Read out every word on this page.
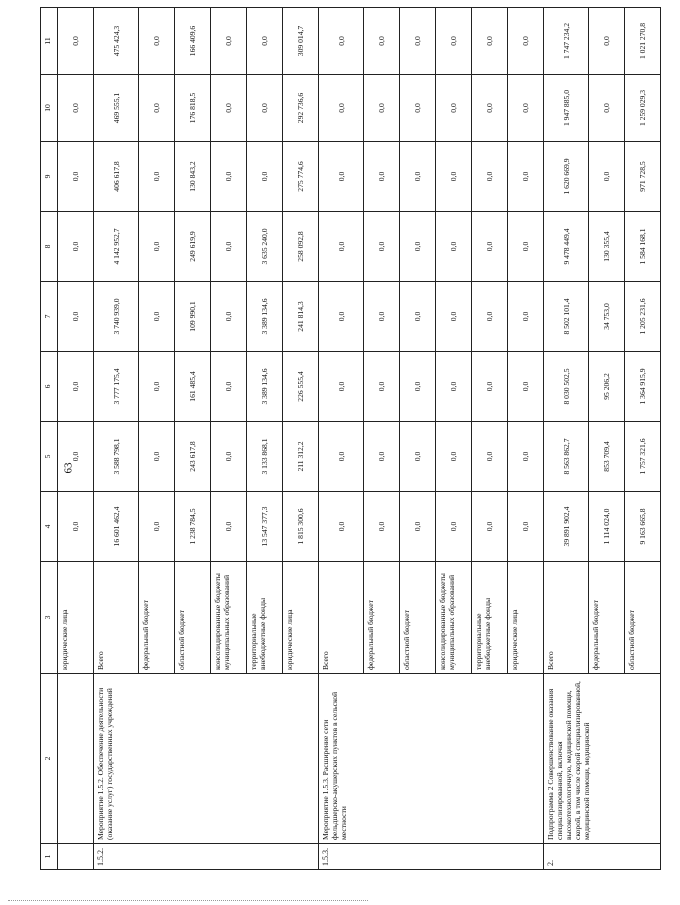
63
1	2	3	4	5	6	7	8	9	10	11
		юридические лица	0,0	0,0	0,0	0,0	0,0	0,0	0,0	0,0
1.5.2.	Мероприятие 1.5.2. Обеспечение деятельности (оказание услуг) государственных учреждений	Всего	16 601 462,4	3 588 798,1	3 777 175,4	3 740 939,0	4 142 952,7	406 617,8	469 555,1	475 424,3
		федеральный бюджет	0,0	0,0	0,0	0,0	0,0	0,0	0,0	0,0
		областной бюджет	1 238 784,5	243 617,8	161 485,4	109 990,1	249 619,9	130 843,2	176 818,5	166 409,6
		консолидированные бюджеты муниципальных образований	0,0	0,0	0,0	0,0	0,0	0,0	0,0	0,0
		территориальные внебюджетные фонды	13 547 377,3	3 133 868,1	3 389 134,6	3 389 134,6	3 635 240,0	0,0	0,0	0,0
		юридические лица	1 815 300,6	211 312,2	226 555,4	241 814,3	258 092,8	275 774,6	292 736,6	309 014,7
1.5.3.	Мероприятие 1.5.3. Расширение сети фельдшерско-акушерских пунктов в сельской местности	Всего	0,0	0,0	0,0	0,0	0,0	0,0	0,0	0,0
		федеральный бюджет	0,0	0,0	0,0	0,0	0,0	0,0	0,0	0,0
		областной бюджет	0,0	0,0	0,0	0,0	0,0	0,0	0,0	0,0
		консолидированные бюджеты муниципальных образований	0,0	0,0	0,0	0,0	0,0	0,0	0,0	0,0
		территориальные внебюджетные фонды	0,0	0,0	0,0	0,0	0,0	0,0	0,0	0,0
		юридические лица	0,0	0,0	0,0	0,0	0,0	0,0	0,0	0,0
2.	Подпрограмма 2 Совершенствование оказания специализированной, включая высокотехнологичную, медицинской помощи, скорой, в том числе скорой специализированной, медицинской помощи, медицинской	Всего	39 891 902,4	8 563 862,7	8 030 502,5	8 502 101,4	9 478 449,4	1 620 669,9	1 947 885,0	1 747 234,2
		федеральный бюджет	1 114 024,0	853 709,4	95 206,2	34 753,0	130 355,4	0,0	0,0	0,0
		областной бюджет	9 163 665,8	1 757 321,6	1 364 915,9	1 205 231,6	1 584 168,1	971 728,5	1 259 029,3	1 021 270,8
